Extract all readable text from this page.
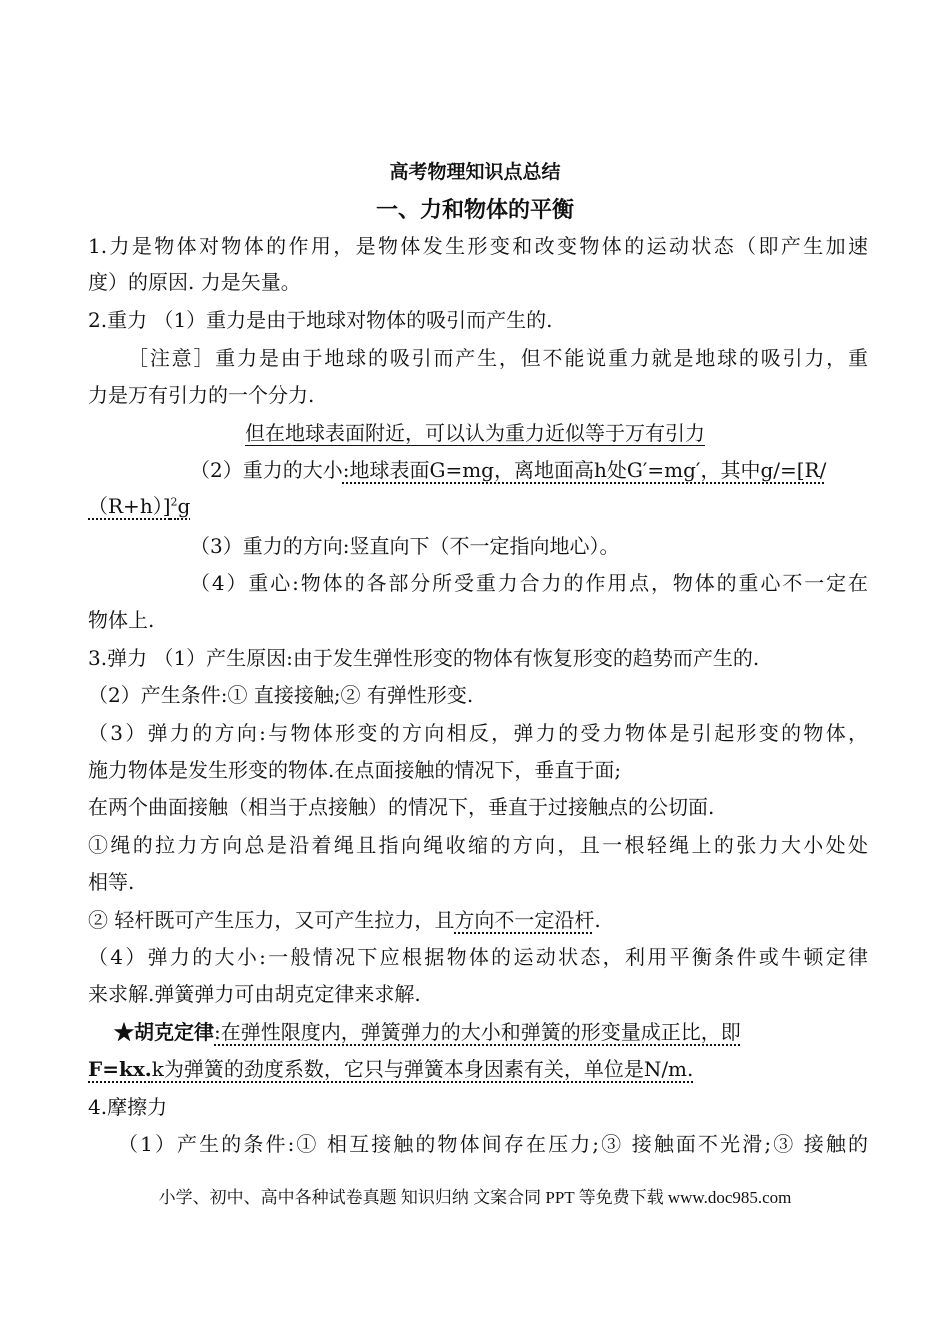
高考物理知识点总结
一、力和物体的平衡
1.力是物体对物体的作用，是物体发生形变和改变物体的运动状态（即产生加速
度）的原因. 力是矢量。
2.重力 （1）重力是由于地球对物体的吸引而产生的.
［注意］重力是由于地球的吸引而产生，但不能说重力就是地球的吸引力，重
力是万有引力的一个分力.
但在地球表面附近，可以认为重力近似等于万有引力
（2）重力的大小:地球表面G=mg，离地面高h处G′=mg′，其中g/=[R/
（R+h）]$^2$g
（3）重力的方向:竖直向下（不一定指向地心）。
（4）重心:物体的各部分所受重力合力的作用点，物体的重心不一定在
物体上.
3.弹力 （1）产生原因:由于发生弹性形变的物体有恢复形变的趋势而产生的.
（2）产生条件:① 直接接触;② 有弹性形变.
（3）弹力的方向:与物体形变的方向相反，弹力的受力物体是引起形变的物体，
施力物体是发生形变的物体.在点面接触的情况下，垂直于面;
在两个曲面接触（相当于点接触）的情况下，垂直于过接触点的公切面.
①绳的拉力方向总是沿着绳且指向绳收缩的方向，且一根轻绳上的张力大小处处
相等.
② 轻杆既可产生压力，又可产生拉力，且方向不一定沿杆.
（4）弹力的大小:一般情况下应根据物体的运动状态，利用平衡条件或牛顿定律
来求解.弹簧弹力可由胡克定律来求解.
★胡克定律:在弹性限度内，弹簧弹力的大小和弹簧的形变量成正比，即
F=kx.k为弹簧的劲度系数，它只与弹簧本身因素有关，单位是N/m.
4.摩擦力
（1）产生的条件:① 相互接触的物体间存在压力;③ 接触面不光滑;③ 接触的
小学、初中、高中各种试卷真题 知识归纳 文案合同 PPT 等免费下载 www.doc985.com
